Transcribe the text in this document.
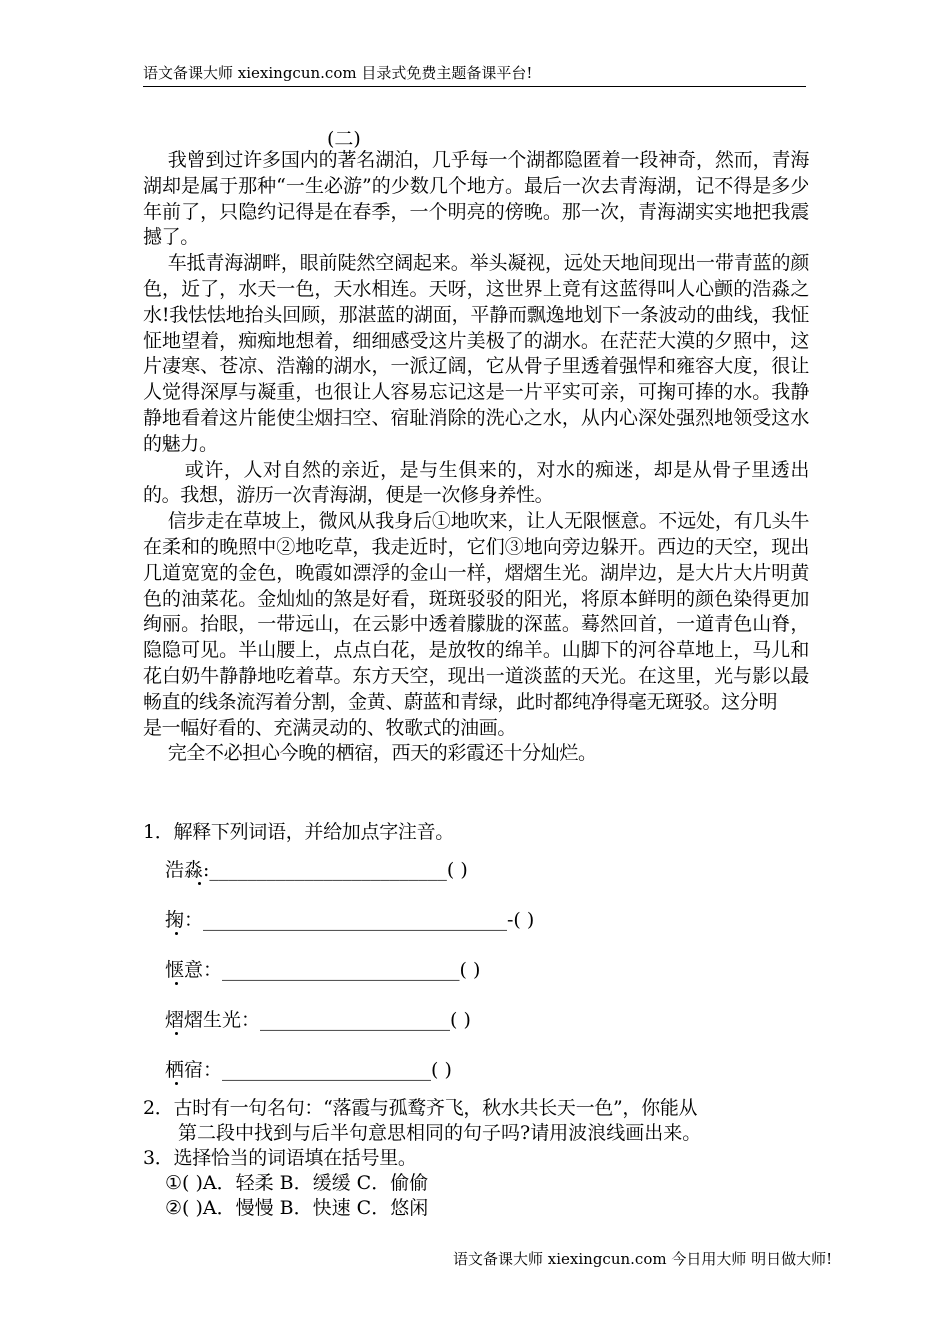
语文备课大师 xiexingcun.com 目录式免费主题备课平台!
(二)

我曾到过许多国内的著名湖泊，几乎每一个湖都隐匿着一段神奇，然而，青海湖却是属于那种“一生必游”的少数几个地方。最后一次去青海湖，记不得是多少年前了，只隐约记得是在春季，一个明亮的傍晚。那一次，青海湖实实地把我震撼了。

车抵青海湖畔，眼前陡然空阔起来。举头凝视，远处天地间现出一带青蓝的颜色，近了，水天一色，天水相连。天呀，这世界上竟有这蓝得叫人心颤的浩淼之水!我怯怯地抬头回顾，那湛蓝的湖面，平静而飘逸地划下一条波动的曲线，我怔怔地望着，痴痴地想着，细细感受这片美极了的湖水。在茫茫大漠的夕照中，这片凄寒、苍凉、浩瀚的湖水，一派辽阔，它从骨子里透着强悍和雍容大度，很让人觉得深厚与凝重，也很让人容易忘记这是一片平实可亲，可掬可捧的水。我静静地看着这片能使尘烟扫空、宿耻消除的洗心之水，从内心深处强烈地领受这水的魅力。

或许，人对自然的亲近，是与生俱来的，对水的痴迷，却是从骨子里透出的。我想，游历一次青海湖，便是一次修身养性。

信步走在草坡上，微风从我身后①地吹来，让人无限惬意。不远处，有几头牛在柔和的晚照中②地吃草，我走近时，它们③地向旁边躲开。西边的天空，现出几道宽宽的金色，晚霞如漂浮的金山一样，熠熠生光。湖岸边，是大片大片明黄色的油菜花。金灿灿的煞是好看，斑斑驳驳的阳光，将原本鲜明的颜色染得更加绚丽。抬眼，一带远山，在云影中透着朦胧的深蓝。蓦然回首，一道青色山脊，隐隐可见。半山腰上，点点白花，是放牧的绵羊。山脚下的河谷草地上，马儿和花白奶牛静静地吃着草。东方天空，现出一道淡蓝的天光。在这里，光与影以最畅直的线条流泻着分割，金黄、蔚蓝和青绿，此时都纯净得毫无斑驳。这分明

是一幅好看的、充满灵动的、牧歌式的油画。

完全不必担心今晚的栖宿，西天的彩霞还十分灿烂。

1．解释下列词语，并给加点字注音。
浩淼:_________________________( )
掬：________________________________-( )
惬意：_________________________( )
熠熠生光：____________________( )
栖宿：______________________( )
2．古时有一句名句：“落霞与孤鹜齐飞，秋水共长天一色”，你能从
第二段中找到与后半句意思相同的句子吗?请用波浪线画出来。
3．选择恰当的词语填在括号里。
①( )A．轻柔 B．缓缓 C．偷偷
②( )A．慢慢 B．快速 C．悠闲
语文备课大师 xiexingcun.com 今日用大师 明日做大师!
